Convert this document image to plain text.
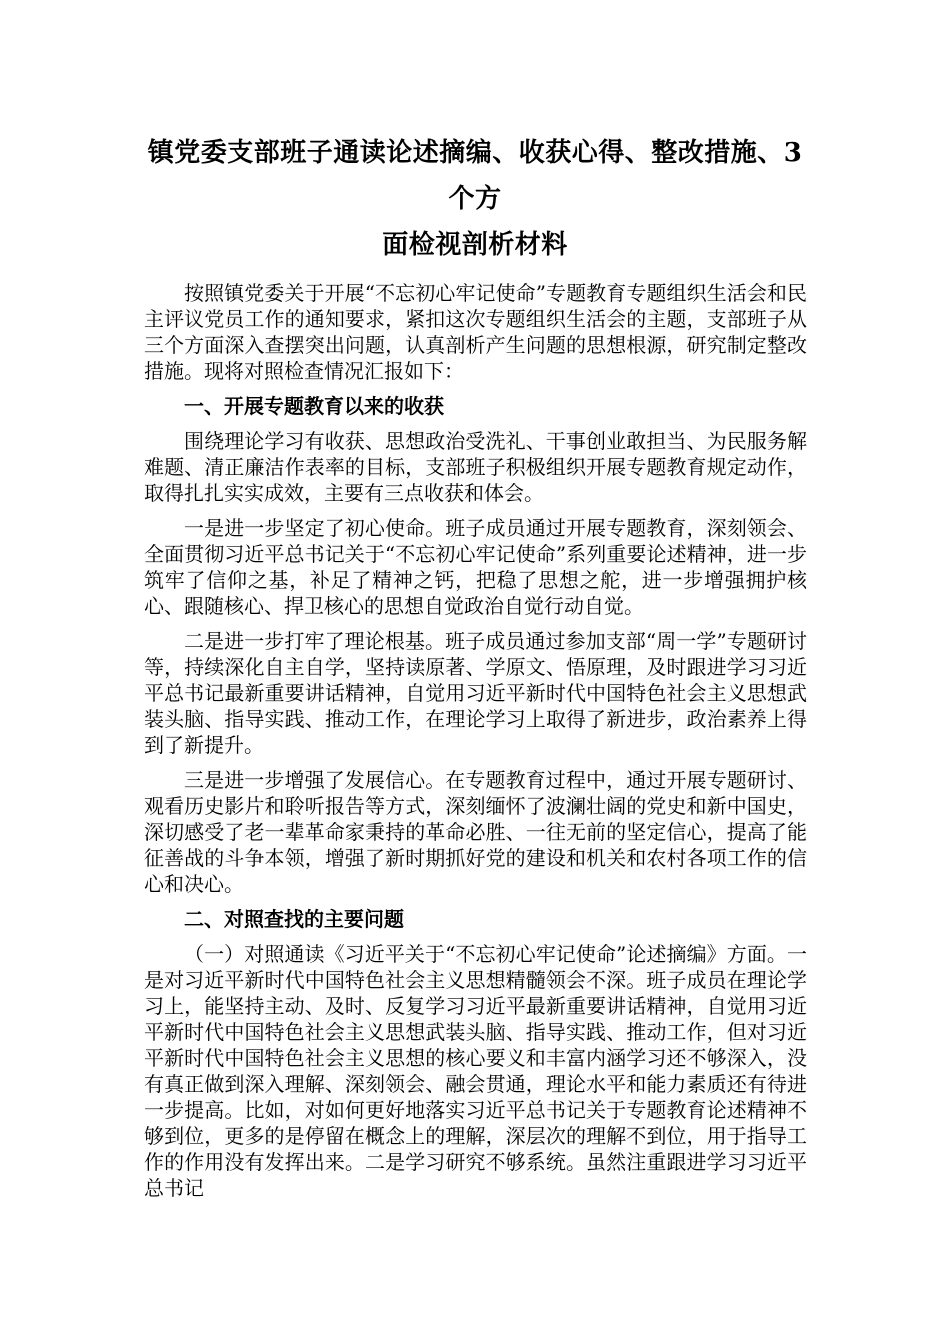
镇党委支部班子通读论述摘编、收获心得、整改措施、3个方
面检视剖析材料

按照镇党委关于开展“不忘初心牢记使命”专题教育专题组织生活会和民主评议党员工作的通知要求，紧扣这次专题组织生活会的主题，支部班子从三个方面深入查摆突出问题，认真剖析产生问题的思想根源，研究制定整改措施。现将对照检查情况汇报如下：

一、开展专题教育以来的收获

围绕理论学习有收获、思想政治受洗礼、干事创业敢担当、为民服务解难题、清正廉洁作表率的目标，支部班子积极组织开展专题教育规定动作，取得扎扎实实成效，主要有三点收获和体会。

一是进一步坚定了初心使命。班子成员通过开展专题教育，深刻领会、全面贯彻习近平总书记关于“不忘初心牢记使命”系列重要论述精神，进一步筑牢了信仰之基，补足了精神之钙，把稳了思想之舵，进一步增强拥护核心、跟随核心、捍卫核心的思想自觉政治自觉行动自觉。

二是进一步打牢了理论根基。班子成员通过参加支部“周一学”专题研讨等，持续深化自主自学，坚持读原著、学原文、悟原理，及时跟进学习习近平总书记最新重要讲话精神，自觉用习近平新时代中国特色社会主义思想武装头脑、指导实践、推动工作，在理论学习上取得了新进步，政治素养上得到了新提升。

三是进一步增强了发展信心。在专题教育过程中，通过开展专题研讨、观看历史影片和聆听报告等方式，深刻缅怀了波澜壮阔的党史和新中国史，深切感受了老一辈革命家秉持的革命必胜、一往无前的坚定信心，提高了能征善战的斗争本领，增强了新时期抓好党的建设和机关和农村各项工作的信心和决心。

二、对照查找的主要问题

（一）对照通读《习近平关于“不忘初心牢记使命”论述摘编》方面。一是对习近平新时代中国特色社会主义思想精髓领会不深。班子成员在理论学习上，能坚持主动、及时、反复学习习近平最新重要讲话精神，自觉用习近平新时代中国特色社会主义思想武装头脑、指导实践、推动工作，但对习近平新时代中国特色社会主义思想的核心要义和丰富内涵学习还不够深入，没有真正做到深入理解、深刻领会、融会贯通，理论水平和能力素质还有待进一步提高。比如，对如何更好地落实习近平总书记关于专题教育论述精神不够到位，更多的是停留在概念上的理解，深层次的理解不到位，用于指导工作的作用没有发挥出来。二是学习研究不够系统。虽然注重跟进学习习近平总书记
